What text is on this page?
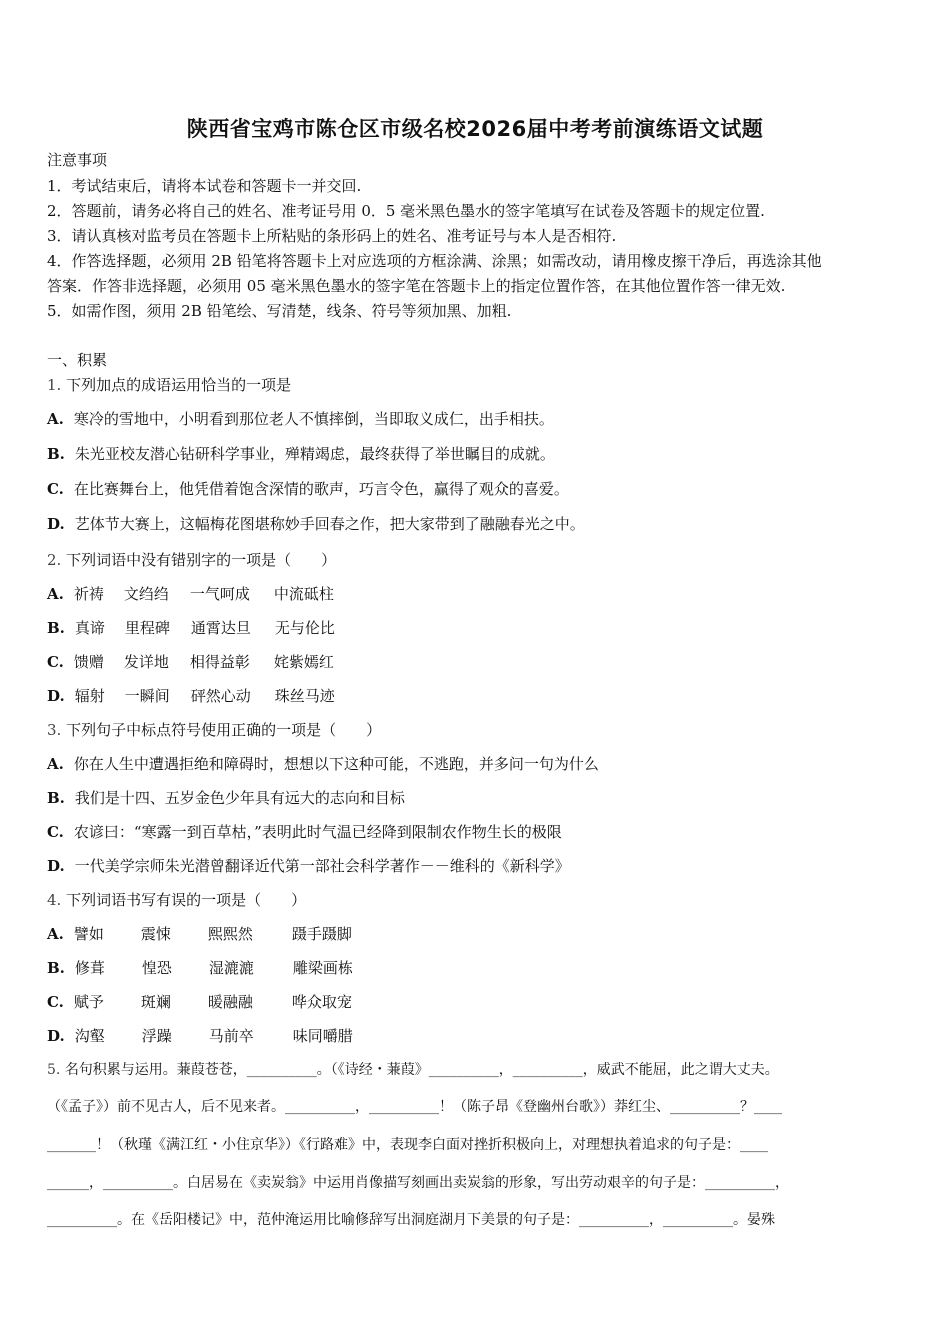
陕西省宝鸡市陈仓区市级名校2026届中考考前演练语文试题
注意事项
1．考试结束后，请将本试卷和答题卡一并交回.
2．答题前，请务必将自己的姓名、准考证号用 0．5 毫米黑色墨水的签字笔填写在试卷及答题卡的规定位置.
3．请认真核对监考员在答题卡上所粘贴的条形码上的姓名、准考证号与本人是否相符.
4．作答选择题，必须用 2B 铅笔将答题卡上对应选项的方框涂满、涂黑；如需改动，请用橡皮擦干净后，再选涂其他
答案．作答非选择题，必须用 05 毫米黑色墨水的签字笔在答题卡上的指定位置作答，在其他位置作答一律无效.
5．如需作图，须用 2B 铅笔绘、写清楚，线条、符号等须加黑、加粗.
一、积累
1. 下列加点的成语运用恰当的一项是
A. 寒冷的雪地中，小明看到那位老人不慎摔倒，当即取义成仁，出手相扶。
B. 朱光亚校友潜心钻研科学事业，殚精竭虑，最终获得了举世瞩目的成就。
C. 在比赛舞台上，他凭借着饱含深情的歌声，巧言令色，赢得了观众的喜爱。
D. 艺体节大赛上，这幅梅花图堪称妙手回春之作，把大家带到了融融春光之中。
2. 下列词语中没有错别字的一项是（　　）
A. 祈祷 文绉绉 一气呵成 中流砥柱
B. 真谛 里程碑 通霄达旦 无与伦比
C. 馈赠 发详地 相得益彰 姹紫嫣红
D. 辐射 一瞬间 砰然心动 珠丝马迹
3. 下列句子中标点符号使用正确的一项是（　　）
A. 你在人生中遭遇拒绝和障碍时，想想以下这种可能，不逃跑，并多问一句为什么
B. 我们是十四、五岁金色少年具有远大的志向和目标
C. 农谚曰：“寒露一到百草枯，”表明此时气温已经降到限制农作物生长的极限
D. 一代美学宗师朱光潜曾翻译近代第一部社会科学著作－－维科的《新科学》
4. 下列词语书写有误的一项是（　　）
A. 譬如 震悚 熙熙然	蹑手蹑脚
B. 修葺 惶恐 湿漉漉	雕梁画栋
C. 赋予 斑斓 暖融融	哗众取宠
D. 沟壑 浮躁 马前卒	味同嚼腊
5. 名句积累与运用。蒹葭苍苍，__________。（《诗经・蒹葭》__________，__________，威武不能屈，此之谓大丈夫。
（《孟子》）前不见古人，后不见来者。__________，__________！（陈子昂《登幽州台歌》）莽红尘、__________？____
_______！（秋瑾《满江红・小住京华》）《行路难》中，表现李白面对挫折积极向上，对理想执着追求的句子是：____
______，__________。白居易在《卖炭翁》中运用肖像描写刻画出卖炭翁的形象，写出劳动艰辛的句子是：__________，
__________。在《岳阳楼记》中，范仲淹运用比喻修辞写出洞庭湖月下美景的句子是：__________，__________。晏殊
